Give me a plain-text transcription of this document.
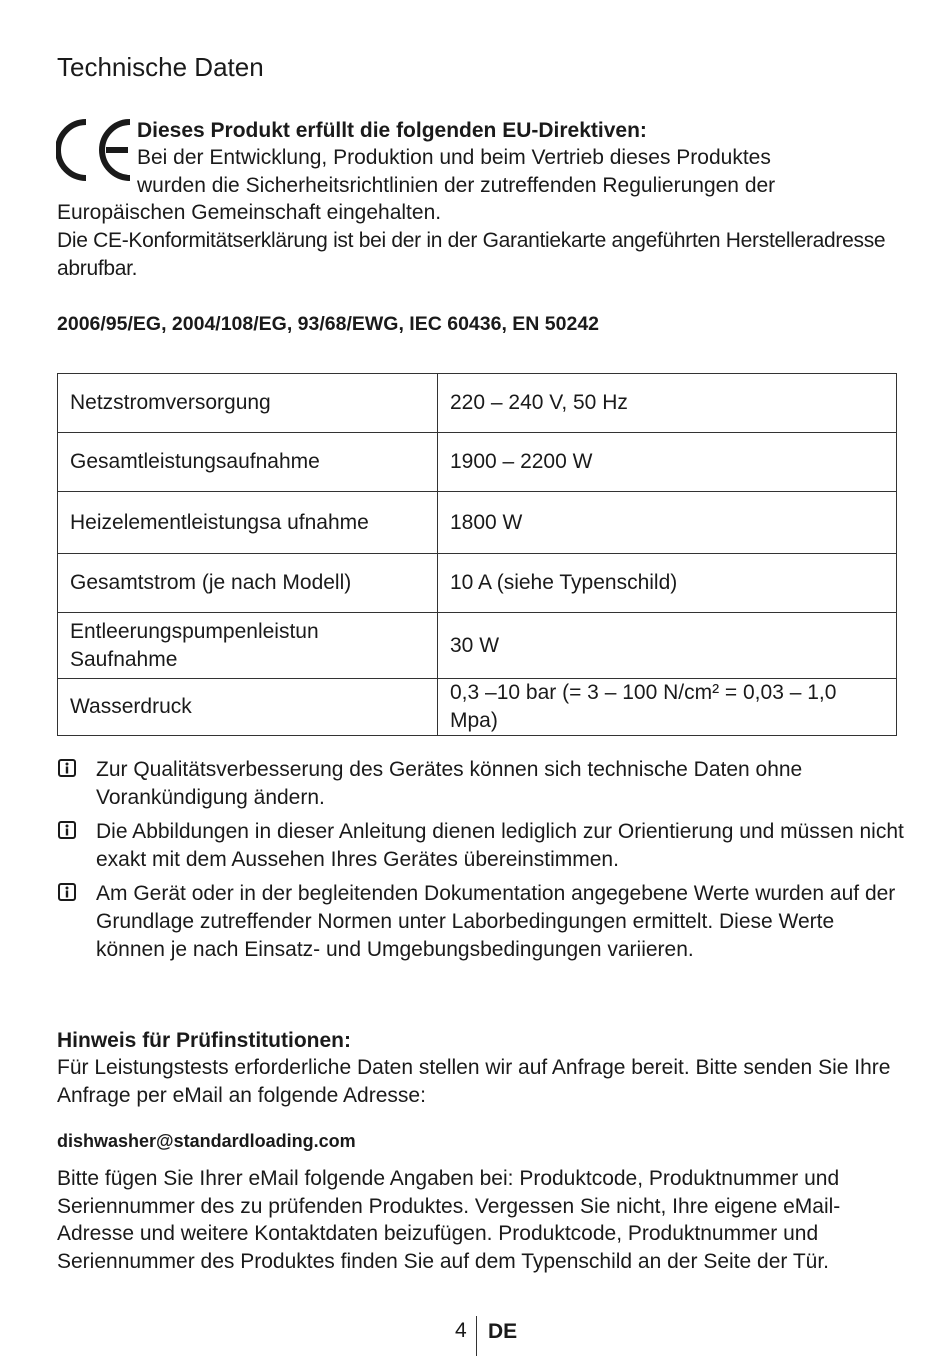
Technische Daten
Dieses Produkt erfüllt die folgenden EU-Direktiven:
Bei der Entwicklung, Produktion und beim Vertrieb dieses Produktes
wurden die Sicherheitsrichtlinien der zutreffenden Regulierungen der
Europäischen Gemeinschaft eingehalten.
Die CE-Konformitätserklärung ist bei der in der Garantiekarte angeführten Herstelleradresse abrufbar.
2006/95/EG, 2004/108/EG, 93/68/EWG, IEC 60436, EN 50242
Netzstromversorgung	220 – 240 V, 50 Hz
Gesamtleistungsaufnahme	1900 – 2200 W
Heizelementleistungsa ufnahme	1800 W
Gesamtstrom (je nach Modell)	10 A (siehe Typenschild)
Entleerungspumpenleistun Saufnahme	30 W
Wasserdruck	0,3 –10 bar (= 3 – 100 N/cm² = 0,03 – 1,0 Mpa)
Zur Qualitätsverbesserung des Gerätes können sich technische Daten ohne Vorankündigung ändern.
Die Abbildungen in dieser Anleitung dienen lediglich zur Orientierung und müssen nicht exakt mit dem Aussehen Ihres Gerätes übereinstimmen.
Am Gerät oder in der begleitenden Dokumentation angegebene Werte wurden auf der Grundlage zutreffender Normen unter Laborbedingungen ermittelt. Diese Werte können je nach Einsatz- und Umgebungsbedingungen variieren.
Hinweis für Prüfinstitutionen:
Für Leistungstests erforderliche Daten stellen wir auf Anfrage bereit. Bitte senden Sie Ihre Anfrage per eMail an folgende Adresse:
dishwasher@standardloading.com
Bitte fügen Sie Ihrer eMail folgende Angaben bei: Produktcode, Produktnummer und Seriennummer des zu prüfenden Produktes. Vergessen Sie nicht, Ihre eigene eMail-Adresse und weitere Kontaktdaten beizufügen. Produktcode, Produktnummer und Seriennummer des Produktes finden Sie auf dem Typenschild an der Seite der Tür.
4 DE
